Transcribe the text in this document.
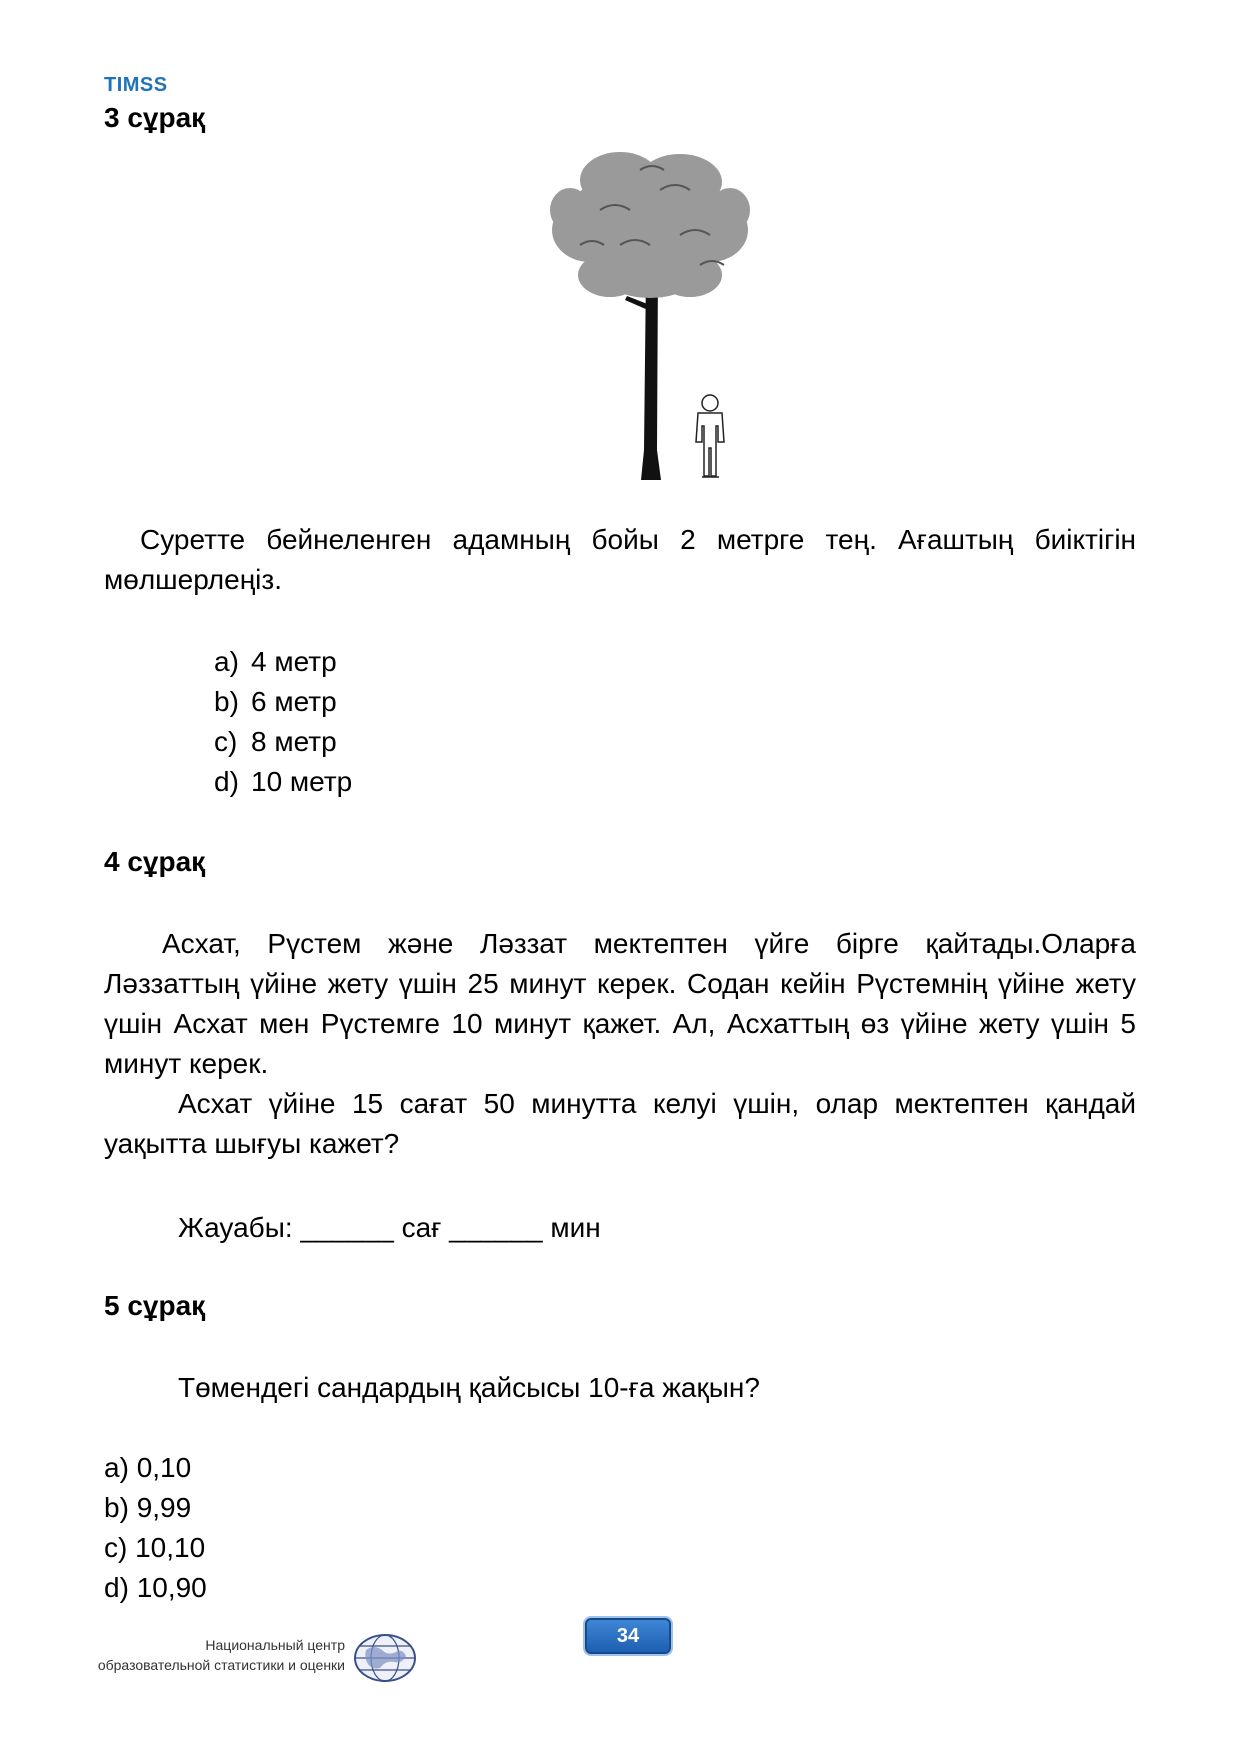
TIMSS
3 сұрақ
Суретте бейнеленген адамның бойы 2 метрге тең. Ағаштың биіктігін мөлшерлеңіз.
a) 4 метр
b) 6 метр
c) 8 метр
d) 10 метр
4 сұрақ
Асхат, Рүстем және Ләззат мектептен үйге бірге қайтады.Оларға Ләззаттың үйіне жету үшін 25 минут керек. Содан кейін Рүстемнің үйіне жету үшін Асхат мен Рүстемге 10 минут қажет. Ал, Асхаттың өз үйіне жету үшін 5 минут керек.
Асхат үйіне 15 сағат 50 минутта келуі үшін, олар мектептен қандай уақытта шығуы кажет?
Жауабы: ______ сағ ______ мин
5 сұрақ
Төмендегі сандардың қайсысы 10-ға жақын?
a) 0,10
b) 9,99
c) 10,10
d) 10,90
34
Национальный центр
образовательной статистики и оценки
